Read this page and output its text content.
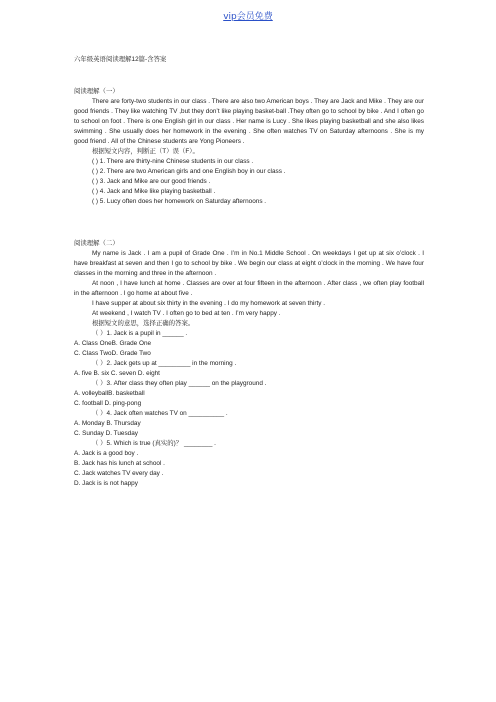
vip会员免费

六年级英语阅读理解12篇-含答案

阅读理解（一）

There are forty-two students in our class . There are also two American boys . They are Jack and Mike . They are our good friends . They like watching TV ,but they don’t like playing basket-ball .They often go to school by bike . And I often go to school on foot . There is one English girl in our class . Her name is Lucy . She likes playing basketball and she also likes swimming . She usually does her homework in the evening . She often watches TV on Saturday afternoons . She is my good friend . All of the Chinese students are Yong Pioneers .

根据短文内容，判断正（T）误（F）。

( ) 1. There are thirty-nine Chinese students in our class .

( ) 2. There are two American girls and one English boy in our class .

( ) 3. Jack and Mike are our good friends .

( ) 4. Jack and Mike like playing basketball .

( ) 5. Lucy often does her homework on Saturday afternoons .

阅读理解（二）

My name is Jack . I am a pupil of Grade One . I’m in No.1 Middle School . On weekdays I get up at six o’clock . I have breakfast at seven and then I go to school by bike . We begin our class at eight o’clock in the morning . We have four classes in the morning and three in the afternoon .

At noon , I have lunch at home . Classes are over at four fifteen in the afternoon . After class , we often play football in the afternoon . I go home at about five .

I have supper at about six thirty in the evening . I do my homework at seven thirty .

At weekend , I watch TV . I often go to bed at ten . I’m very happy .

根据短文的意思，选择正确的答案。

（ ）1. Jack is a pupil in ______ .

A. Class OneB. Grade One

C. Class TwoD. Grade Two

（ ）2. Jack gets up at _________ in the morning .

A. five B. six C. seven D. eight

（ ）3. After class they often play ______ on the playground .

A. volleyballB. basketball

C. football D. ping-pong

（ ）4. Jack often watches TV on __________ .

A. Monday B. Thursday

C. Sunday D. Tuesday

（ ）5. Which is true (真实的)？ ________ .

A. Jack is a good boy .

B. Jack has his lunch at school .

C. Jack watches TV every day .

D. Jack is is not happy
